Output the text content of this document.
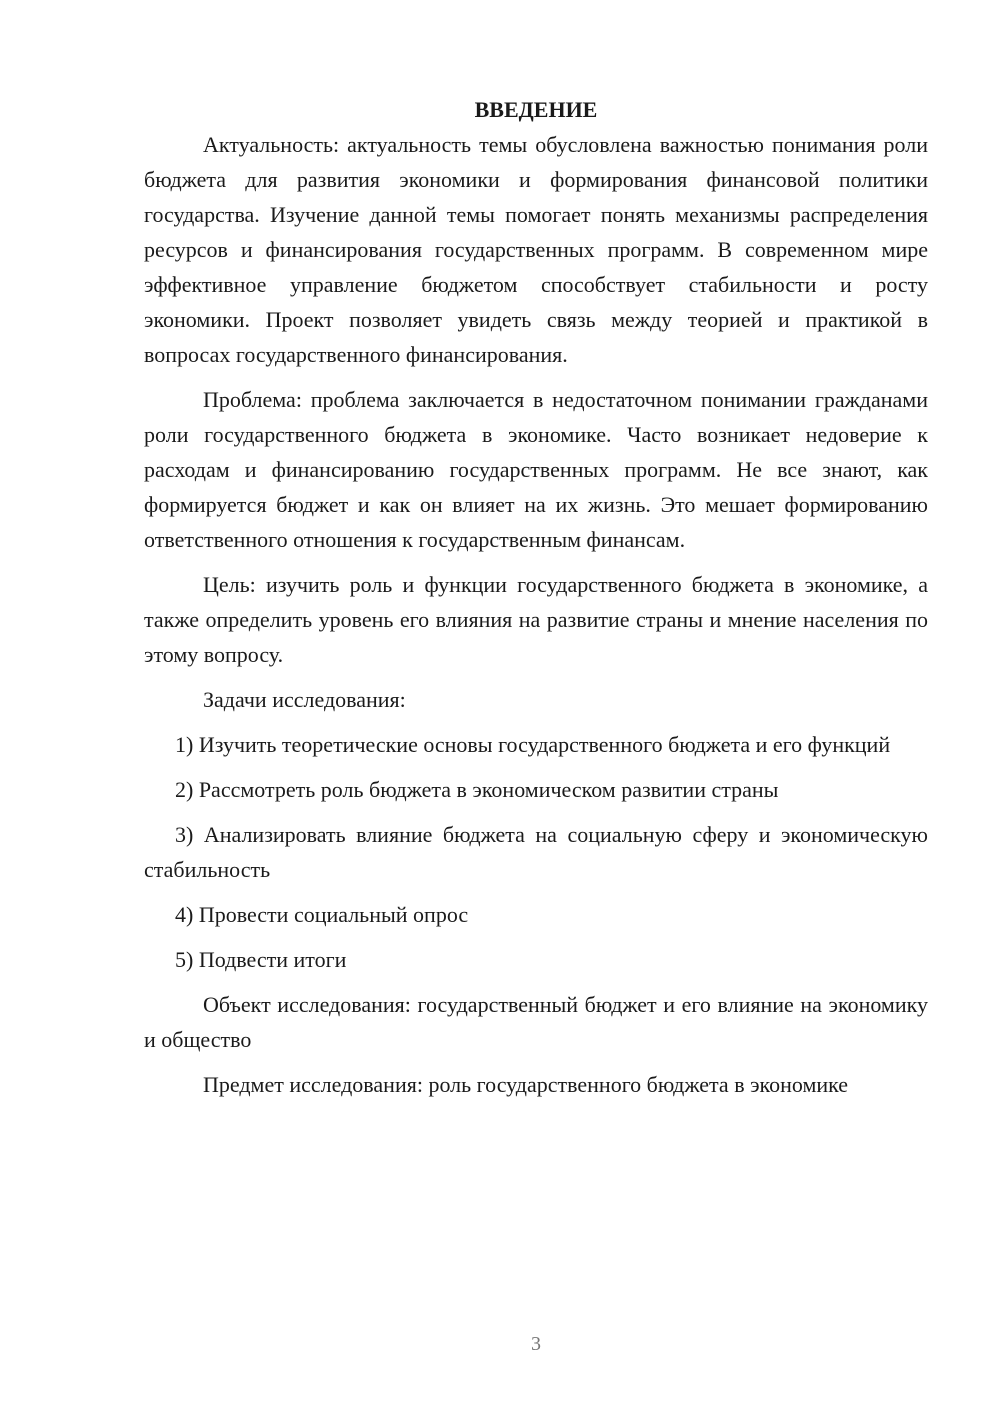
ВВЕДЕНИЕ

Актуальность: актуальность темы обусловлена важностью понимания роли бюджета для развития экономики и формирования финансовой политики государства. Изучение данной темы помогает понять механизмы распределения ресурсов и финансирования государственных программ. В современном мире эффективное управление бюджетом способствует стабильности и росту экономики. Проект позволяет увидеть связь между теорией и практикой в вопросах государственного финансирования.

Проблема: проблема заключается в недостаточном понимании гражданами роли государственного бюджета в экономике. Часто возникает недоверие к расходам и финансированию государственных программ. Не все знают, как формируется бюджет и как он влияет на их жизнь. Это мешает формированию ответственного отношения к государственным финансам.

Цель: изучить роль и функции государственного бюджета в экономике, а также определить уровень его влияния на развитие страны и мнение населения по этому вопросу.

Задачи исследования:

1) Изучить теоретические основы государственного бюджета и его функций

2) Рассмотреть роль бюджета в экономическом развитии страны

3) Анализировать влияние бюджета на социальную сферу и экономическую стабильность

4) Провести социальный опрос

5) Подвести итоги

Объект исследования: государственный бюджет и его влияние на экономику и общество

Предмет исследования: роль государственного бюджета в экономике

3
